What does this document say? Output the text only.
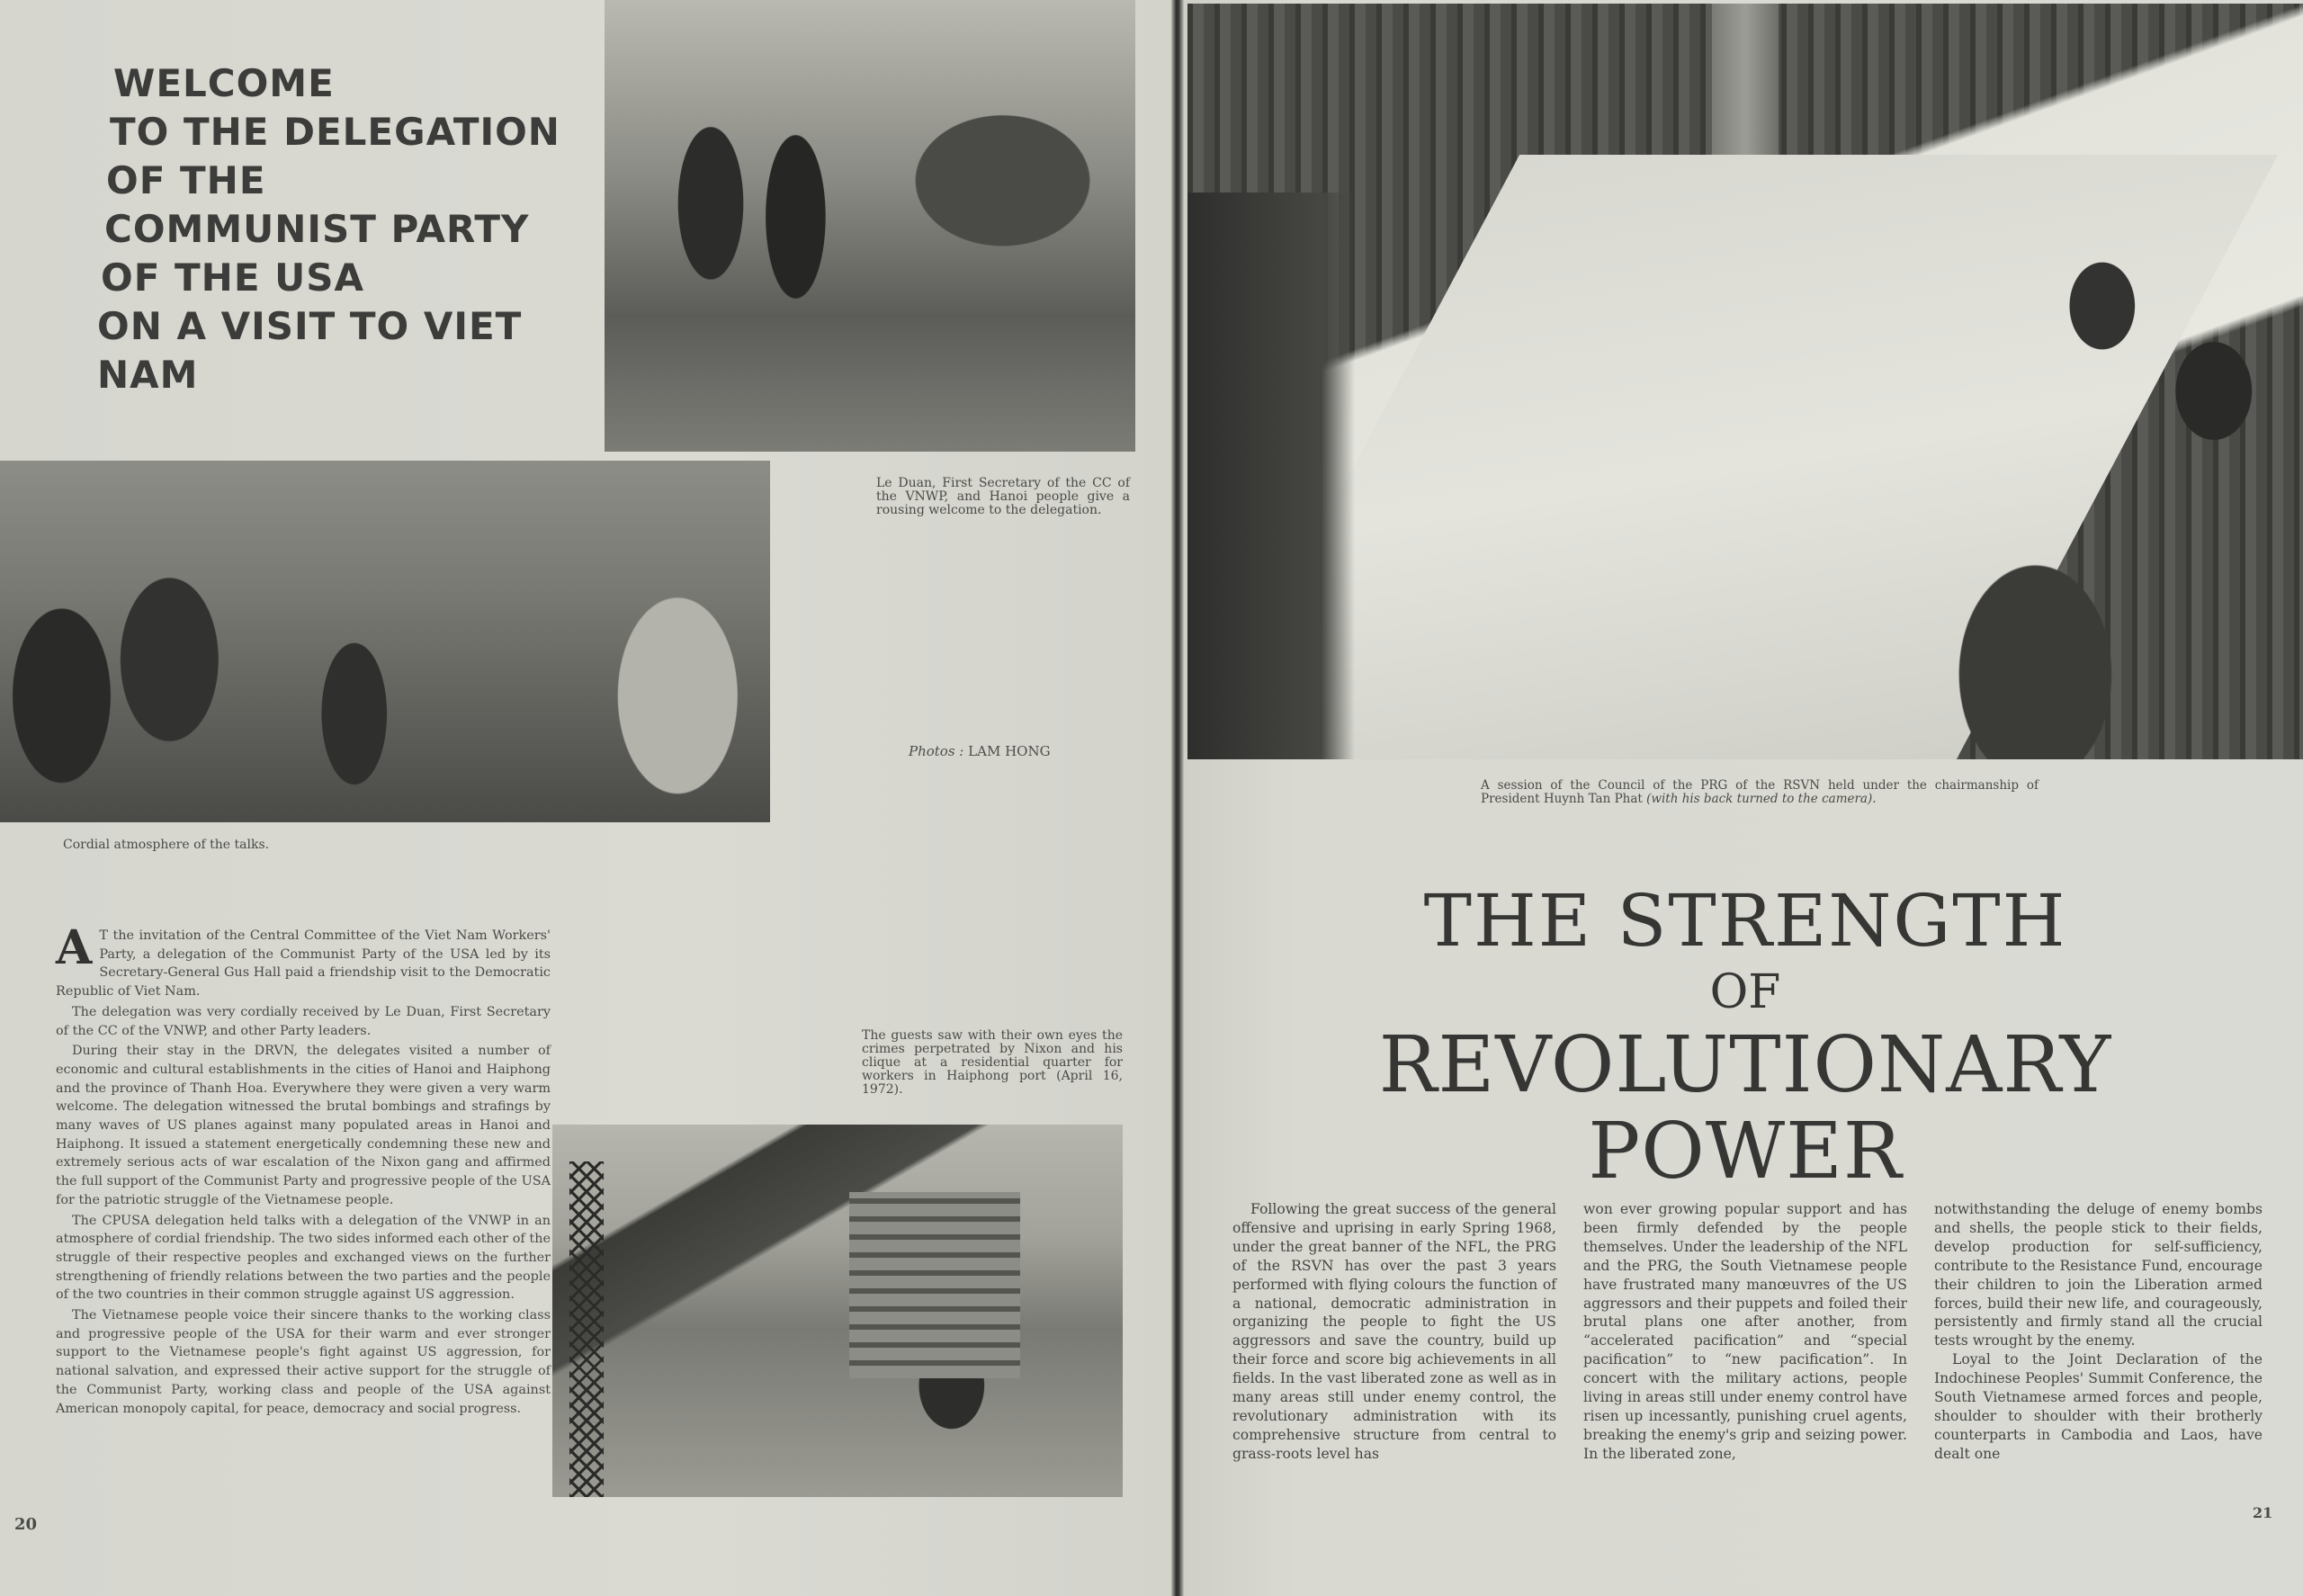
WELCOME
TO THE DELEGATION
OF THE
COMMUNIST PARTY
OF THE USA
ON A VISIT TO VIET NAM
Le Duan, First Secretary of the CC of the VNWP, and Hanoi people give a rousing welcome to the delegation.
Photos : LAM HONG
Cordial atmosphere of the talks.

A T the invitation of the Central Committee of the Viet Nam Workers' Party, a delegation of the Communist Party of the USA led by its Secretary-General Gus Hall paid a friendship visit to the Democratic Republic of Viet Nam.

The delegation was very cordially received by Le Duan, First Secretary of the CC of the VNWP, and other Party leaders.

During their stay in the DRVN, the delegates visited a number of economic and cultural establishments in the cities of Hanoi and Haiphong and the province of Thanh Hoa. Everywhere they were given a very warm welcome. The delegation witnessed the brutal bombings and strafings by many waves of US planes against many populated areas in Hanoi and Haiphong. It issued a statement energetically condemning these new and extremely serious acts of war escalation of the Nixon gang and affirmed the full support of the Communist Party and progressive people of the USA for the patriotic struggle of the Vietnamese people.

The CPUSA delegation held talks with a delegation of the VNWP in an atmosphere of cordial friendship. The two sides informed each other of the struggle of their respective peoples and exchanged views on the further strengthening of friendly relations between the two parties and the people of the two countries in their common struggle against US aggression.

The Vietnamese people voice their sincere thanks to the working class and progressive people of the USA for their warm and ever stronger support to the Vietnamese people's fight against US aggression, for national salvation, and expressed their active support for the struggle of the Communist Party, working class and people of the USA against American monopoly capital, for peace, democracy and social progress.

The guests saw with their own eyes the crimes perpetrated by Nixon and his clique at a residential quarter for workers in Haiphong port (April 16, 1972).
20
A session of the Council of the PRG of the RSVN held under the chairmanship of President Huynh Tan Phat (with his back turned to the camera).
21
THE STRENGTH
OF
REVOLUTIONARY POWER

Following the great success of the general offensive and uprising in early Spring 1968, under the great banner of the NFL, the PRG of the RSVN has over the past 3 years performed with flying colours the function of a national, democratic administration in organizing the people to fight the US aggressors and save the country, build up their force and score big achievements in all fields. In the vast liberated zone as well as in many areas still under enemy control, the revolutionary administration with its comprehensive structure from central to grass-roots level has

won ever growing popular support and has been firmly defended by the people themselves. Under the leadership of the NFL and the PRG, the South Vietnamese people have frustrated many manœuvres of the US aggressors and their puppets and foiled their brutal plans one after another, from “accelerated pacification” and “special pacification” to “new pacification”. In concert with the military actions, people living in areas still under enemy control have risen up incessantly, punishing cruel agents, breaking the enemy's grip and seizing power. In the liberated zone,

notwithstanding the deluge of enemy bombs and shells, the people stick to their fields, develop production for self-sufficiency, contribute to the Resistance Fund, encourage their children to join the Liberation armed forces, build their new life, and courageously, persistently and firmly stand all the crucial tests wrought by the enemy.

Loyal to the Joint Declaration of the Indochinese Peoples' Summit Conference, the South Vietnamese armed forces and people, shoulder to shoulder with their brotherly counterparts in Cambodia and Laos, have dealt one
